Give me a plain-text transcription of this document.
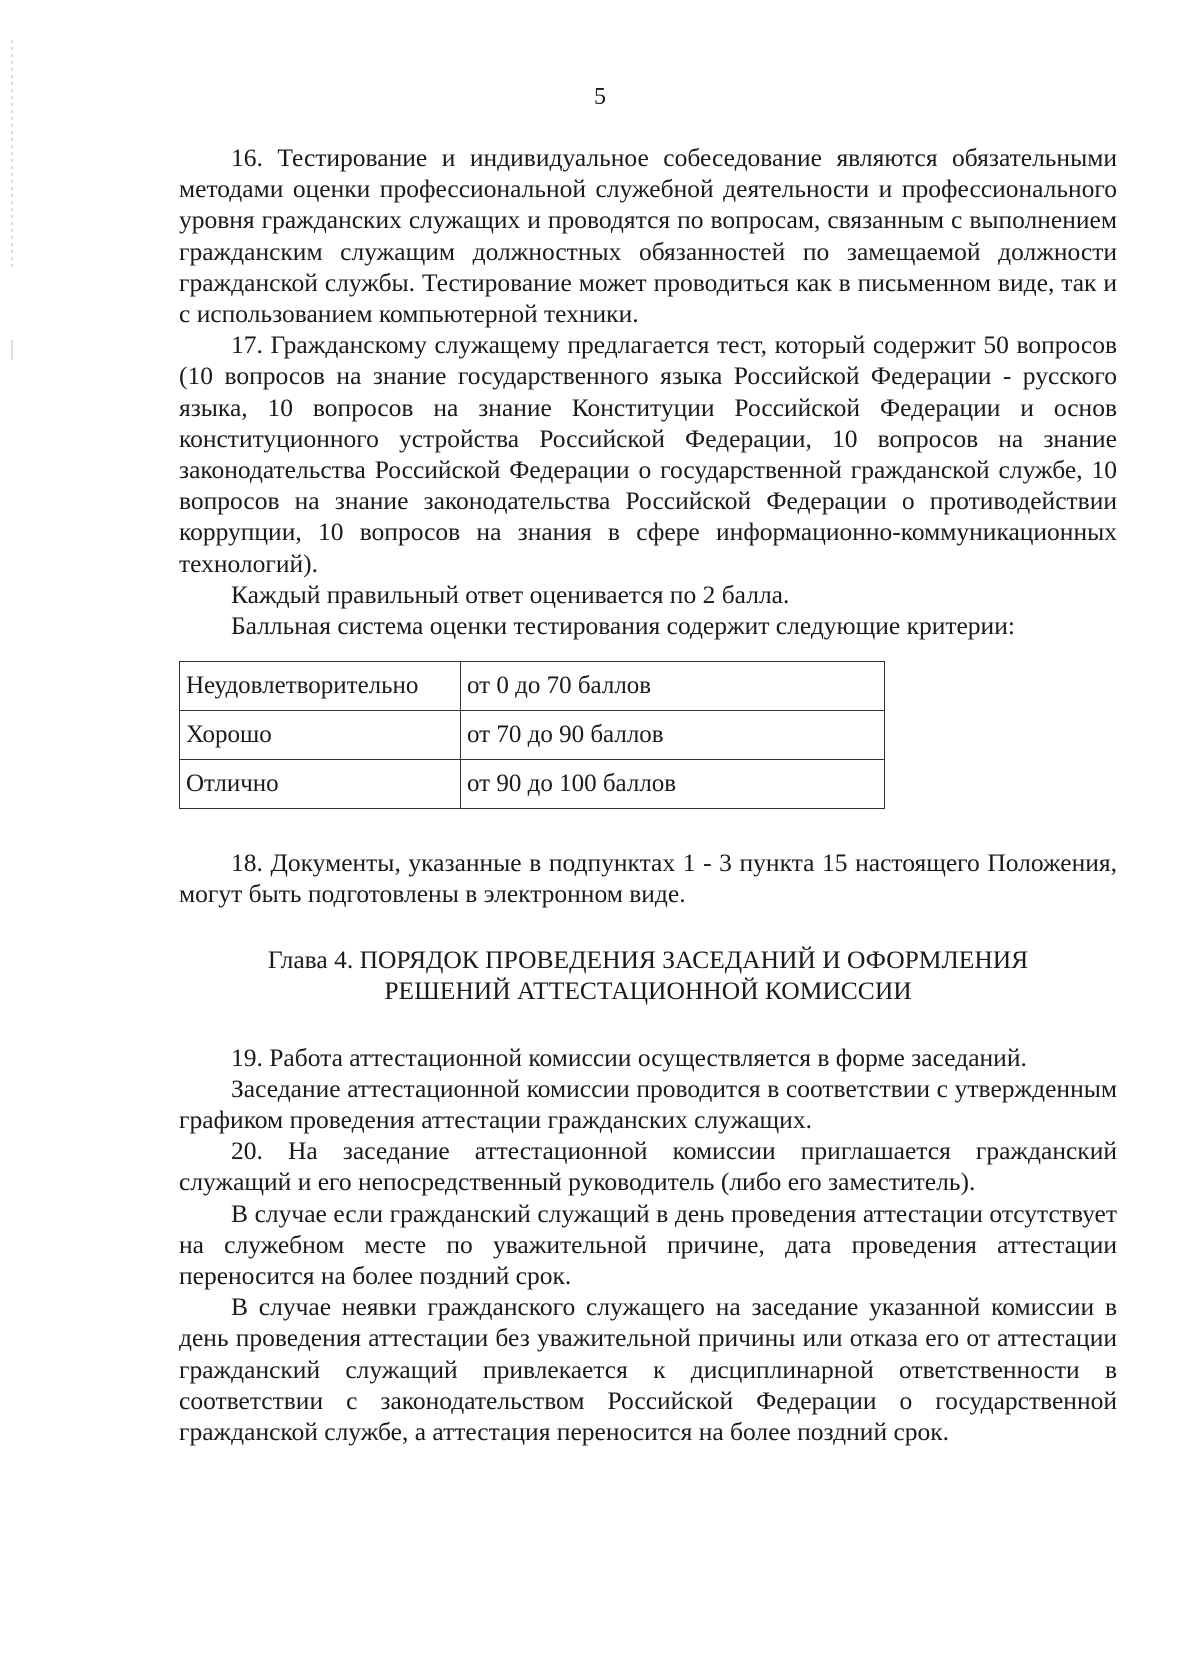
5

16. Тестирование и индивидуальное собеседование являются обязательными методами оценки профессиональной служебной деятельности и профессионального уровня гражданских служащих и проводятся по вопросам, связанным с выполнением гражданским служащим должностных обязанностей по замещаемой должности гражданской службы. Тестирование может проводиться как в письменном виде, так и с использованием компьютерной техники.

17. Гражданскому служащему предлагается тест, который содержит 50 вопросов (10 вопросов на знание государственного языка Российской Федерации - русского языка, 10 вопросов на знание Конституции Российской Федерации и основ конституционного устройства Российской Федерации, 10 вопросов на знание законодательства Российской Федерации о государственной гражданской службе, 10 вопросов на знание законодательства Российской Федерации о противодействии коррупции, 10 вопросов на знания в сфере информационно-коммуникационных технологий).

Каждый правильный ответ оценивается по 2 балла.

Балльная система оценки тестирования содержит следующие критерии:

Неудовлетворительно	от 0 до 70 баллов
Хорошо	от 70 до 90 баллов
Отлично	от 90 до 100 баллов

18. Документы, указанные в подпунктах 1 - 3 пункта 15 настоящего Положения, могут быть подготовлены в электронном виде.

Глава 4. ПОРЯДОК ПРОВЕДЕНИЯ ЗАСЕДАНИЙ И ОФОРМЛЕНИЯ
РЕШЕНИЙ АТТЕСТАЦИОННОЙ КОМИССИИ

19. Работа аттестационной комиссии осуществляется в форме заседаний.

Заседание аттестационной комиссии проводится в соответствии с утвержденным графиком проведения аттестации гражданских служащих.

20. На заседание аттестационной комиссии приглашается гражданский служащий и его непосредственный руководитель (либо его заместитель).

В случае если гражданский служащий в день проведения аттестации отсутствует на служебном месте по уважительной причине, дата проведения аттестации переносится на более поздний срок.

В случае неявки гражданского служащего на заседание указанной комиссии в день проведения аттестации без уважительной причины или отказа его от аттестации гражданский служащий привлекается к дисциплинарной ответственности в соответствии с законодательством Российской Федерации о государственной гражданской службе, а аттестация переносится на более поздний срок.
